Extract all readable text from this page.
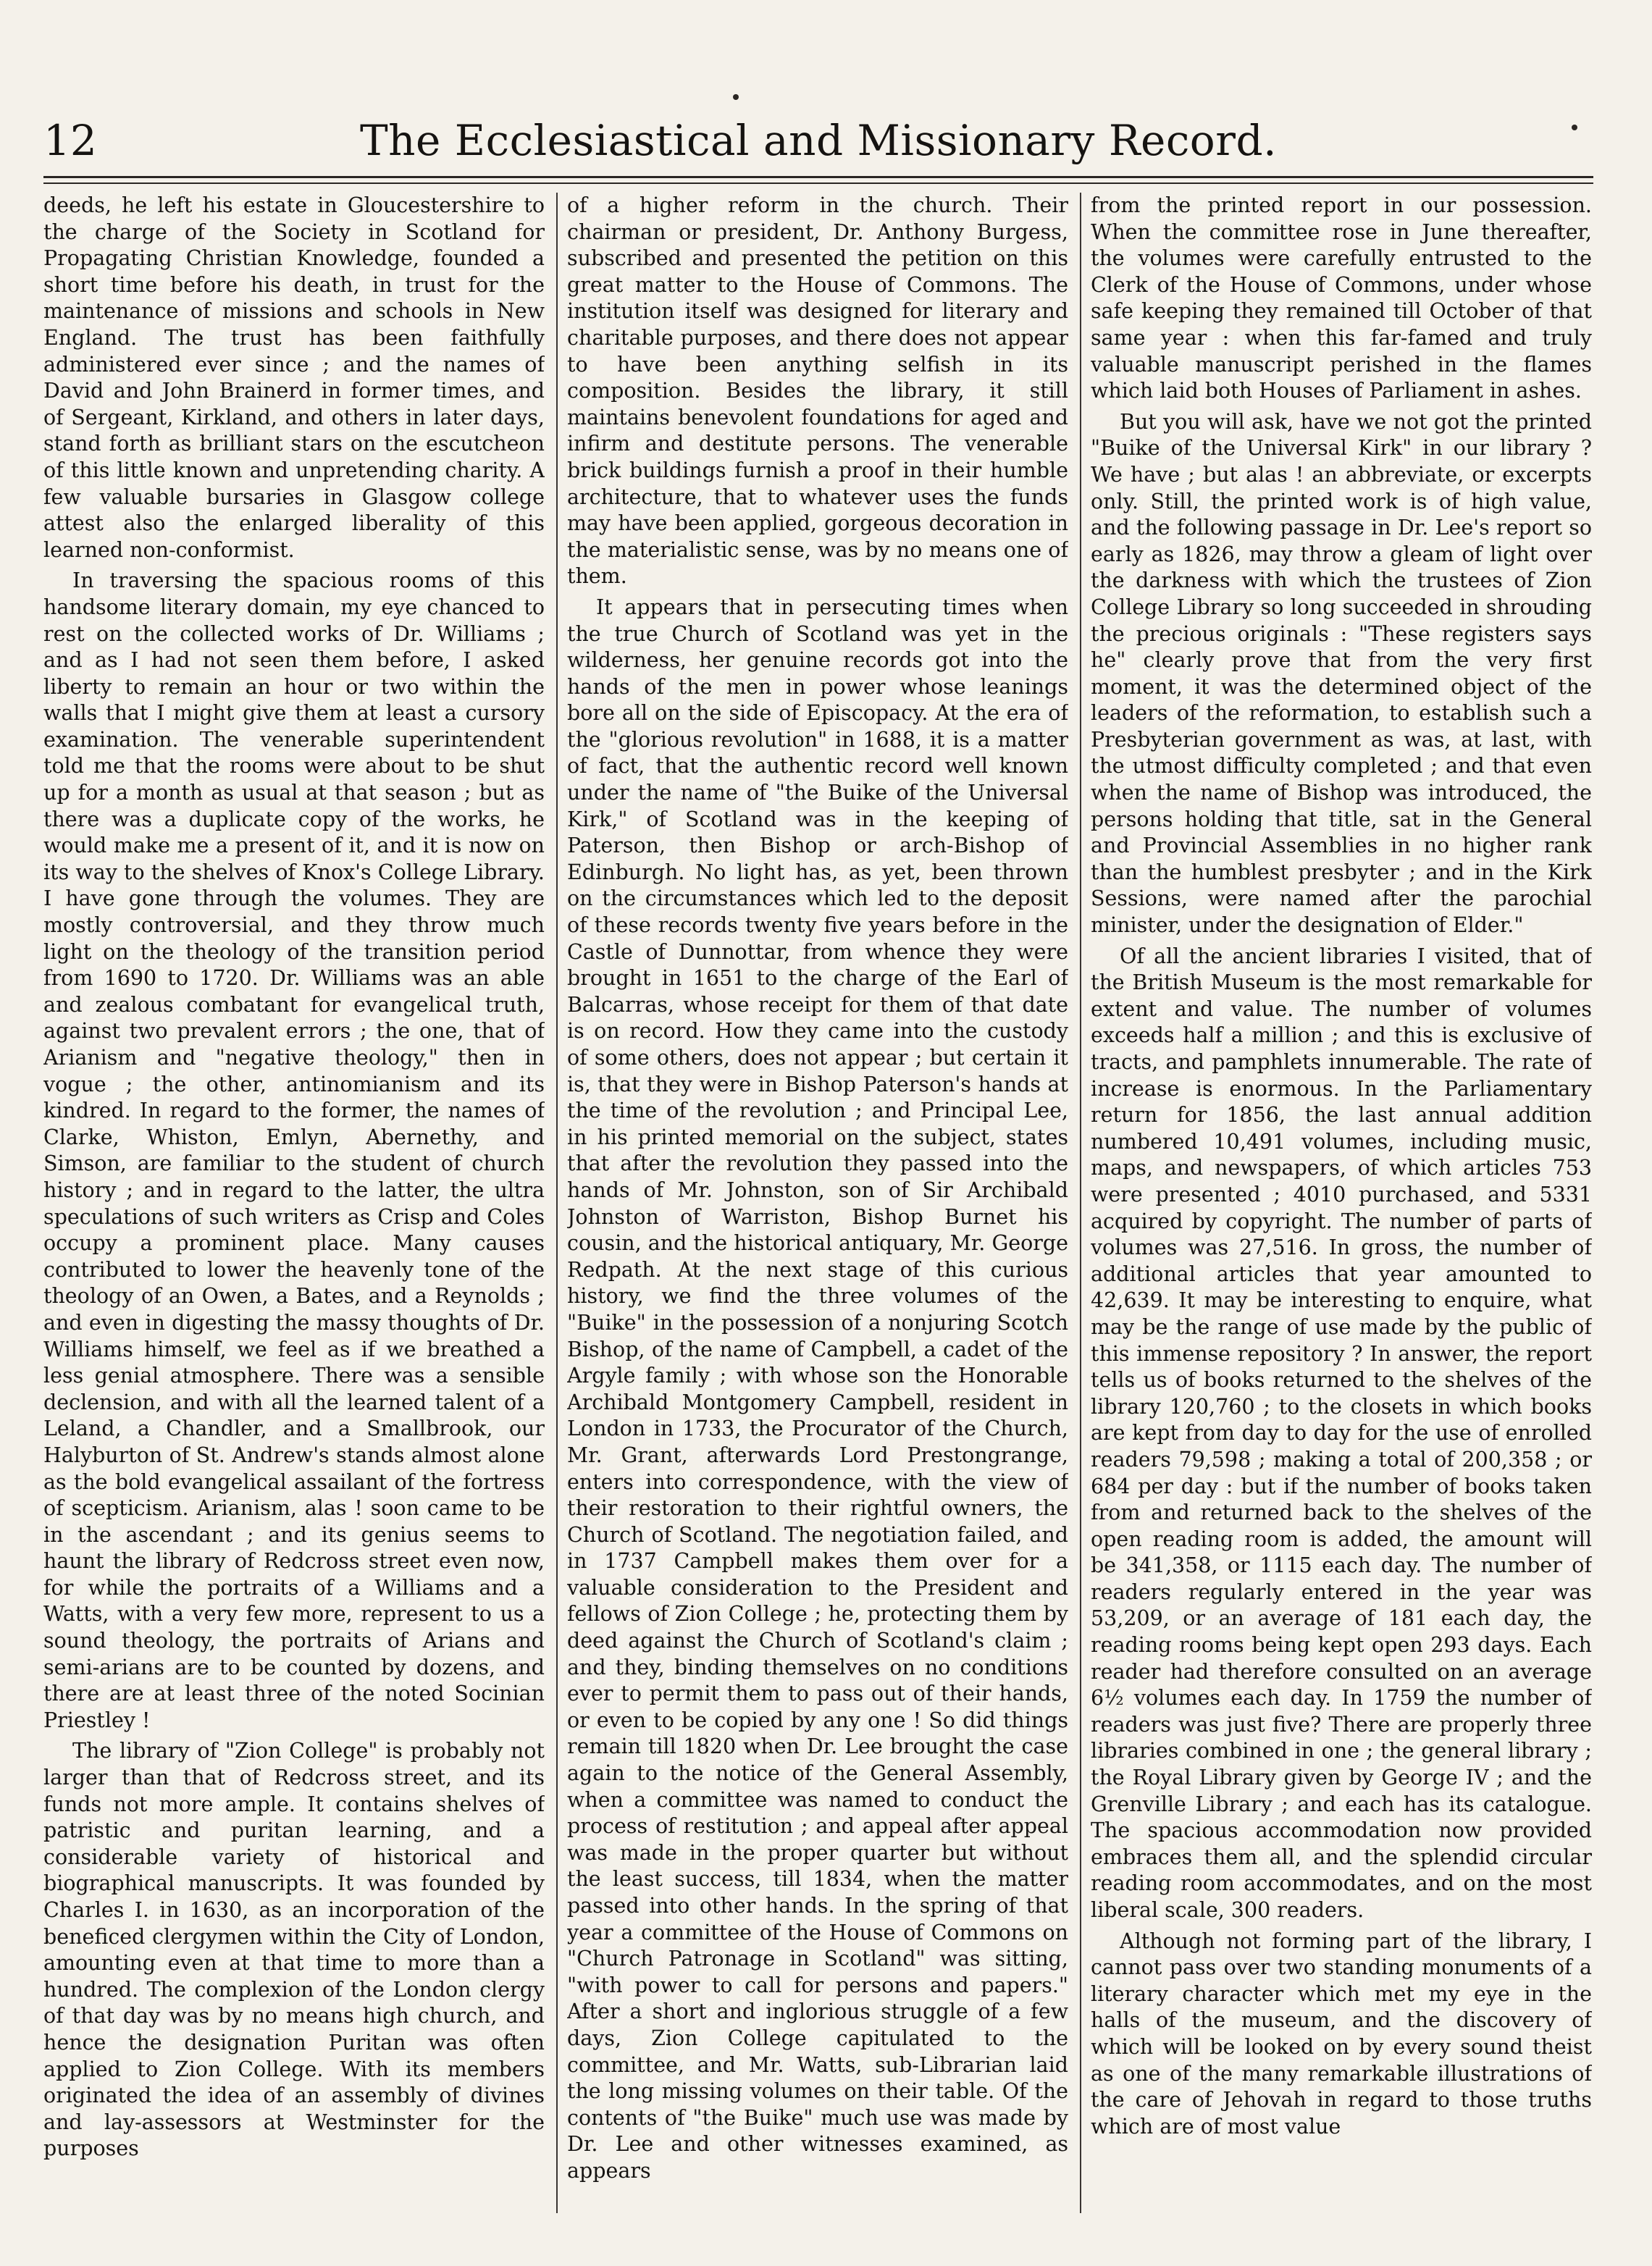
12	The Ecclesiastical and Missionary Record.

deeds, he left his estate in Gloucestershire to the charge of the Society in Scotland for Propagating Christian Knowledge, founded a short time before his death, in trust for the maintenance of missions and schools in New England. The trust has been faithfully administered ever since ; and the names of David and John Brainerd in former times, and of Sergeant, Kirkland, and others in later days, stand forth as brilliant stars on the escutcheon of this little known and unpretending charity. A few valuable bursaries in Glasgow college attest also the enlarged liberality of this learned non-conformist.

In traversing the spacious rooms of this handsome literary domain, my eye chanced to rest on the collected works of Dr. Williams ; and as I had not seen them before, I asked liberty to remain an hour or two within the walls that I might give them at least a cursory examination. The venerable superintendent told me that the rooms were about to be shut up for a month as usual at that season ; but as there was a duplicate copy of the works, he would make me a present of it, and it is now on its way to the shelves of Knox's College Library. I have gone through the volumes. They are mostly controversial, and they throw much light on the theology of the transition period from 1690 to 1720. Dr. Williams was an able and zealous combatant for evangelical truth, against two prevalent errors ; the one, that of Arianism and "negative theology," then in vogue ; the other, antinomianism and its kindred. In regard to the former, the names of Clarke, Whiston, Emlyn, Abernethy, and Simson, are familiar to the student of church history ; and in regard to the latter, the ultra speculations of such writers as Crisp and Coles occupy a prominent place. Many causes contributed to lower the heavenly tone of the theology of an Owen, a Bates, and a Reynolds ; and even in digesting the massy thoughts of Dr. Williams himself, we feel as if we breathed a less genial atmosphere. There was a sensible declension, and with all the learned talent of a Leland, a Chandler, and a Smallbrook, our Halyburton of St. Andrew's stands almost alone as the bold evangelical assailant of the fortress of scepticism. Arianism, alas ! soon came to be in the ascendant ; and its genius seems to haunt the library of Redcross street even now, for while the portraits of a Williams and a Watts, with a very few more, represent to us a sound theology, the portraits of Arians and semi-arians are to be counted by dozens, and there are at least three of the noted Socinian Priestley !

The library of "Zion College" is probably not larger than that of Redcross street, and its funds not more ample. It contains shelves of patristic and puritan learning, and a considerable variety of historical and biographical manuscripts. It was founded by Charles I. in 1630, as an incorporation of the beneficed clergymen within the City of London, amounting even at that time to more than a hundred. The complexion of the London clergy of that day was by no means high church, and hence the designation Puritan was often applied to Zion College. With its members originated the idea of an assembly of divines and lay-assessors at Westminster for the purposes

of a higher reform in the church. Their chairman or president, Dr. Anthony Burgess, subscribed and presented the petition on this great matter to the House of Commons. The institution itself was designed for literary and charitable purposes, and there does not appear to have been anything selfish in its composition. Besides the library, it still maintains benevolent foundations for aged and infirm and destitute persons. The venerable brick buildings furnish a proof in their humble architecture, that to whatever uses the funds may have been applied, gorgeous decoration in the materialistic sense, was by no means one of them.

It appears that in persecuting times when the true Church of Scotland was yet in the wilderness, her genuine records got into the hands of the men in power whose leanings bore all on the side of Episcopacy. At the era of the "glorious revolution" in 1688, it is a matter of fact, that the authentic record well known under the name of "the Buike of the Universal Kirk," of Scotland was in the keeping of Paterson, then Bishop or arch-Bishop of Edinburgh. No light has, as yet, been thrown on the circumstances which led to the deposit of these records twenty five years before in the Castle of Dunnottar, from whence they were brought in 1651 to the charge of the Earl of Balcarras, whose receipt for them of that date is on record. How they came into the custody of some others, does not appear ; but certain it is, that they were in Bishop Paterson's hands at the time of the revolution ; and Principal Lee, in his printed memorial on the subject, states that after the revolution they passed into the hands of Mr. Johnston, son of Sir Archibald Johnston of Warriston, Bishop Burnet his cousin, and the historical antiquary, Mr. George Redpath. At the next stage of this curious history, we find the three volumes of the "Buike" in the possession of a nonjuring Scotch Bishop, of the name of Campbell, a cadet of the Argyle family ; with whose son the Honorable Archibald Montgomery Campbell, resident in London in 1733, the Procurator of the Church, Mr. Grant, afterwards Lord Prestongrange, enters into correspondence, with the view of their restoration to their rightful owners, the Church of Scotland. The negotiation failed, and in 1737 Campbell makes them over for a valuable consideration to the President and fellows of Zion College ; he, protecting them by deed against the Church of Scotland's claim ; and they, binding themselves on no conditions ever to permit them to pass out of their hands, or even to be copied by any one ! So did things remain till 1820 when Dr. Lee brought the case again to the notice of the General Assembly, when a committee was named to conduct the process of restitution ; and appeal after appeal was made in the proper quarter but without the least success, till 1834, when the matter passed into other hands. In the spring of that year a committee of the House of Commons on "Church Patronage in Scotland" was sitting, "with power to call for persons and papers." After a short and inglorious struggle of a few days, Zion College capitulated to the committee, and Mr. Watts, sub-Librarian laid the long missing volumes on their table. Of the contents of "the Buike" much use was made by Dr. Lee and other witnesses examined, as appears

from the printed report in our possession. When the committee rose in June thereafter, the volumes were carefully entrusted to the Clerk of the House of Commons, under whose safe keeping they remained till October of that same year : when this far-famed and truly valuable manuscript perished in the flames which laid both Houses of Parliament in ashes.

But you will ask, have we not got the printed "Buike of the Universal Kirk" in our library ? We have ; but alas ! an abbreviate, or excerpts only. Still, the printed work is of high value, and the following passage in Dr. Lee's report so early as 1826, may throw a gleam of light over the darkness with which the trustees of Zion College Library so long succeeded in shrouding the precious originals : "These registers says he" clearly prove that from the very first moment, it was the determined object of the leaders of the reformation, to establish such a Presbyterian government as was, at last, with the utmost difficulty completed ; and that even when the name of Bishop was introduced, the persons holding that title, sat in the General and Provincial Assemblies in no higher rank than the humblest presbyter ; and in the Kirk Sessions, were named after the parochial minister, under the designation of Elder."

Of all the ancient libraries I visited, that of the British Museum is the most remarkable for extent and value. The number of volumes exceeds half a million ; and this is exclusive of tracts, and pamphlets innumerable. The rate of increase is enormous. In the Parliamentary return for 1856, the last annual addition numbered 10,491 volumes, including music, maps, and newspapers, of which articles 753 were presented ; 4010 purchased, and 5331 acquired by copyright. The number of parts of volumes was 27,516. In gross, the number of additional articles that year amounted to 42,639. It may be interesting to enquire, what may be the range of use made by the public of this immense repository ? In answer, the report tells us of books returned to the shelves of the library 120,760 ; to the closets in which books are kept from day to day for the use of enrolled readers 79,598 ; making a total of 200,358 ; or 684 per day : but if the number of books taken from and returned back to the shelves of the open reading room is added, the amount will be 341,358, or 1115 each day. The number of readers regularly entered in the year was 53,209, or an average of 181 each day, the reading rooms being kept open 293 days. Each reader had therefore consulted on an average 6½ volumes each day. In 1759 the number of readers was just five? There are properly three libraries combined in one ; the general library ; the Royal Library given by George IV ; and the Grenville Library ; and each has its catalogue. The spacious accommodation now provided embraces them all, and the splendid circular reading room accommodates, and on the most liberal scale, 300 readers.

Although not forming part of the library, I cannot pass over two standing monuments of a literary character which met my eye in the halls of the museum, and the discovery of which will be looked on by every sound theist as one of the many remarkable illustrations of the care of Jehovah in regard to those truths which are of most value
